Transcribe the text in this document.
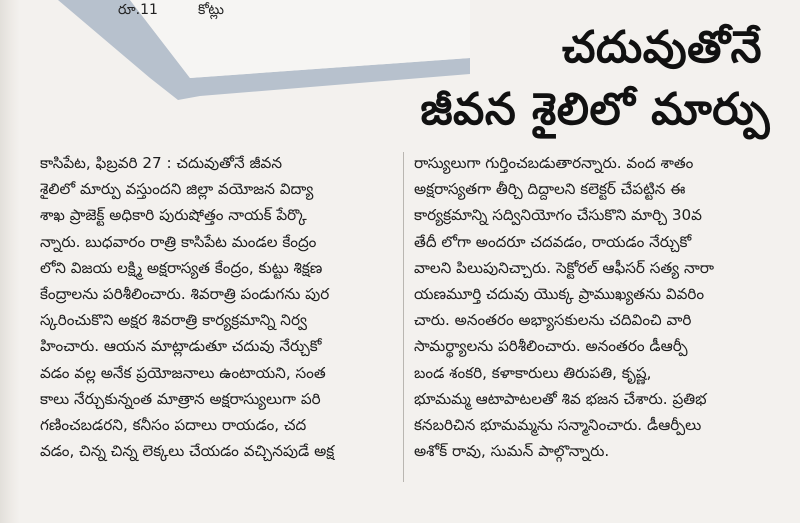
రూ.11	కోట్లు
చదువుతోనే
జీవన శైలిలో మార్పు
కాసిపేట, ఫిబ్రవరి 27 : చదువుతోనే జీవన
శైలిలో మార్పు వస్తుందని జిల్లా వయోజన విద్యా
శాఖ ప్రాజెక్ట్ అధికారి పురుషోత్తం నాయక్ పేర్కొ
న్నారు. బుధవారం రాత్రి కాసిపేట మండల కేంద్రం
లోని విజయ లక్ష్మి అక్షరాస్యత కేంద్రం, కుట్టు శిక్షణ
కేంద్రాలను పరిశీలించారు. శివరాత్రి పండుగను పుర
స్కరించుకొని అక్షర శివరాత్రి కార్యక్రమాన్ని నిర్వ
హించారు. ఆయన మాట్లాడుతూ చదువు నేర్చుకో
వడం వల్ల అనేక ప్రయోజనాలు ఉంటాయని, సంత
కాలు నేర్చుకున్నంత మాత్రాన అక్షరాస్యులుగా పరి
గణించబడరని, కనీసం పదాలు రాయడం, చద
వడం, చిన్న చిన్న లెక్కలు చేయడం వచ్చినపుడే అక్ష
రాస్యులుగా గుర్తించబడుతారన్నారు. వంద శాతం
అక్షరాస్యతగా తీర్చి దిద్దాలని కలెక్టర్ చేపట్టిన ఈ
కార్యక్రమాన్ని సద్వినియోగం చేసుకొని మార్చి 30వ
తేదీ లోగా అందరూ చదవడం, రాయడం నేర్చుకో
వాలని పిలుపునిచ్చారు. సెక్టోరల్ ఆఫీసర్ సత్య నారా
యణమూర్తి చదువు యొక్క ప్రాముఖ్యతను వివరిం
చారు. అనంతరం అభ్యాసకులను చదివించి వారి
సామర్థ్యాలను పరిశీలించారు. అనంతరం డీఆర్పీ
బండ శంకరి, కళాకారులు తిరుపతి, కృష్ణ,
భూమమ్మ ఆటాపాటలతో శివ భజన చేశారు. ప్రతిభ
కనబరిచిన భూమమ్మను సన్మానించారు. డీఆర్పీలు
అశోక్ రావు, సుమన్ పాల్గొన్నారు.
